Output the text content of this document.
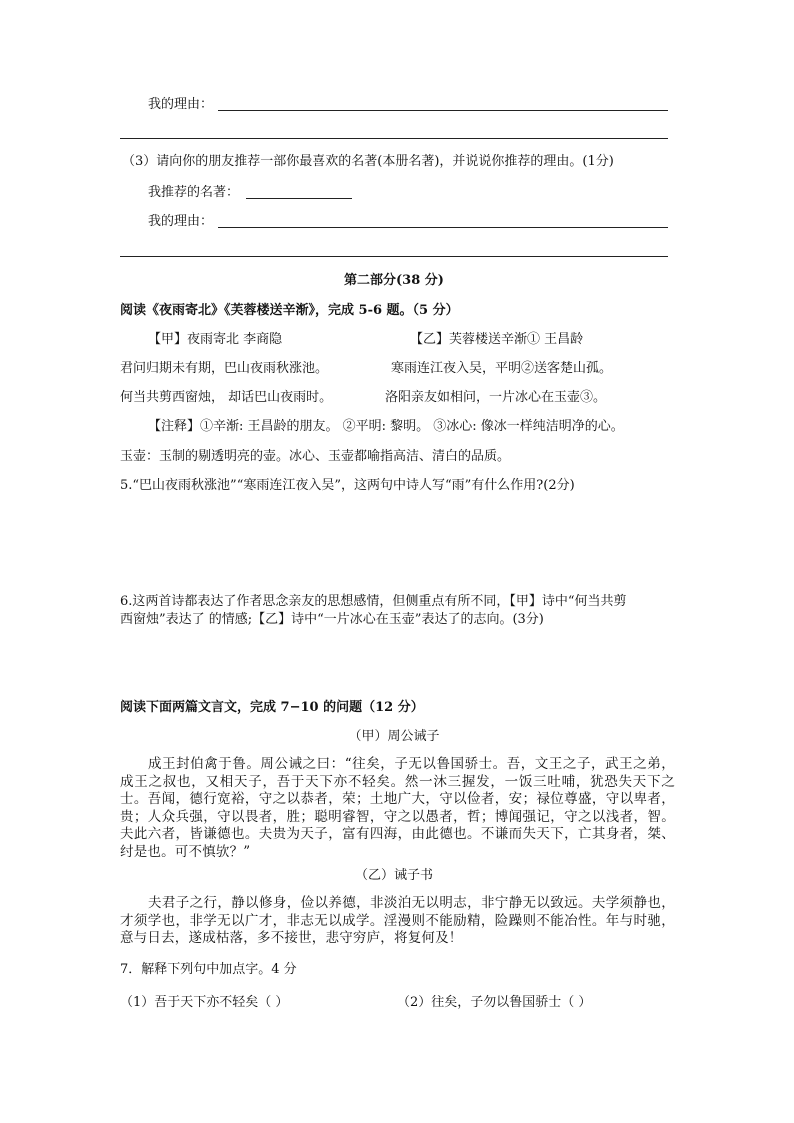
我的理由：
（3）请向你的朋友推荐一部你最喜欢的名著(本册名著)，并说说你推荐的理由。(1分)
我推荐的名著：
我的理由：
第二部分(38 分)
阅读《夜雨寄北》《芙蓉楼送辛渐》，完成 5-6 题。（5 分）
【甲】夜雨寄北 李商隐	【乙】芙蓉楼送辛渐① 王昌龄
君问归期未有期，巴山夜雨秋涨池。	寒雨连江夜入吴，平明②送客楚山孤。
何当共剪西窗烛， 却话巴山夜雨时。	洛阳亲友如相问，一片冰心在玉壶③。
【注释】①辛渐: 王昌龄的朋友。 ②平明: 黎明。 ③冰心: 像冰一样纯洁明净的心。
玉壶：玉制的剔透明亮的壶。冰心、玉壶都喻指高洁、清白的品质。
5.“巴山夜雨秋涨池”“寒雨连江夜入吴”，这两句中诗人写“雨”有什么作用?(2分)
6.这两首诗都表达了作者思念亲友的思想感情，但侧重点有所不同，【甲】诗中“何当共剪
西窗烛”表达了 的情感;【乙】诗中“一片冰心在玉壶”表达了的志向。(3分)
阅读下面两篇文言文，完成 7−10 的问题（12 分）
（甲）周公诫子
成王封伯禽于鲁。周公诫之曰：“往矣，子无以鲁国骄士。吾，文王之子，武王之弟，成王之叔也，又相天子，吾于天下亦不轻矣。然一沐三握发，一饭三吐哺，犹恐失天下之士。吾闻，德行宽裕，守之以恭者，荣；土地广大，守以俭者，安；禄位尊盛，守以卑者，贵；人众兵强，守以畏者，胜；聪明睿智，守之以愚者，哲；博闻强记，守之以浅者，智。夫此六者，皆谦德也。夫贵为天子，富有四海，由此德也。不谦而失天下，亡其身者，桀、纣是也。可不慎欤？”
（乙）诫子书
夫君子之行，静以修身，俭以养德，非淡泊无以明志，非宁静无以致远。夫学须静也，才须学也，非学无以广才，非志无以成学。淫漫则不能励精，险躁则不能冶性。年与时驰，意与日去，遂成枯落，多不接世，悲守穷庐，将复何及！
7．解释下列句中加点字。4 分
（1）吾于天下亦不轻矣（ ）	（2）往矣，子勿以鲁国骄士（ ）
